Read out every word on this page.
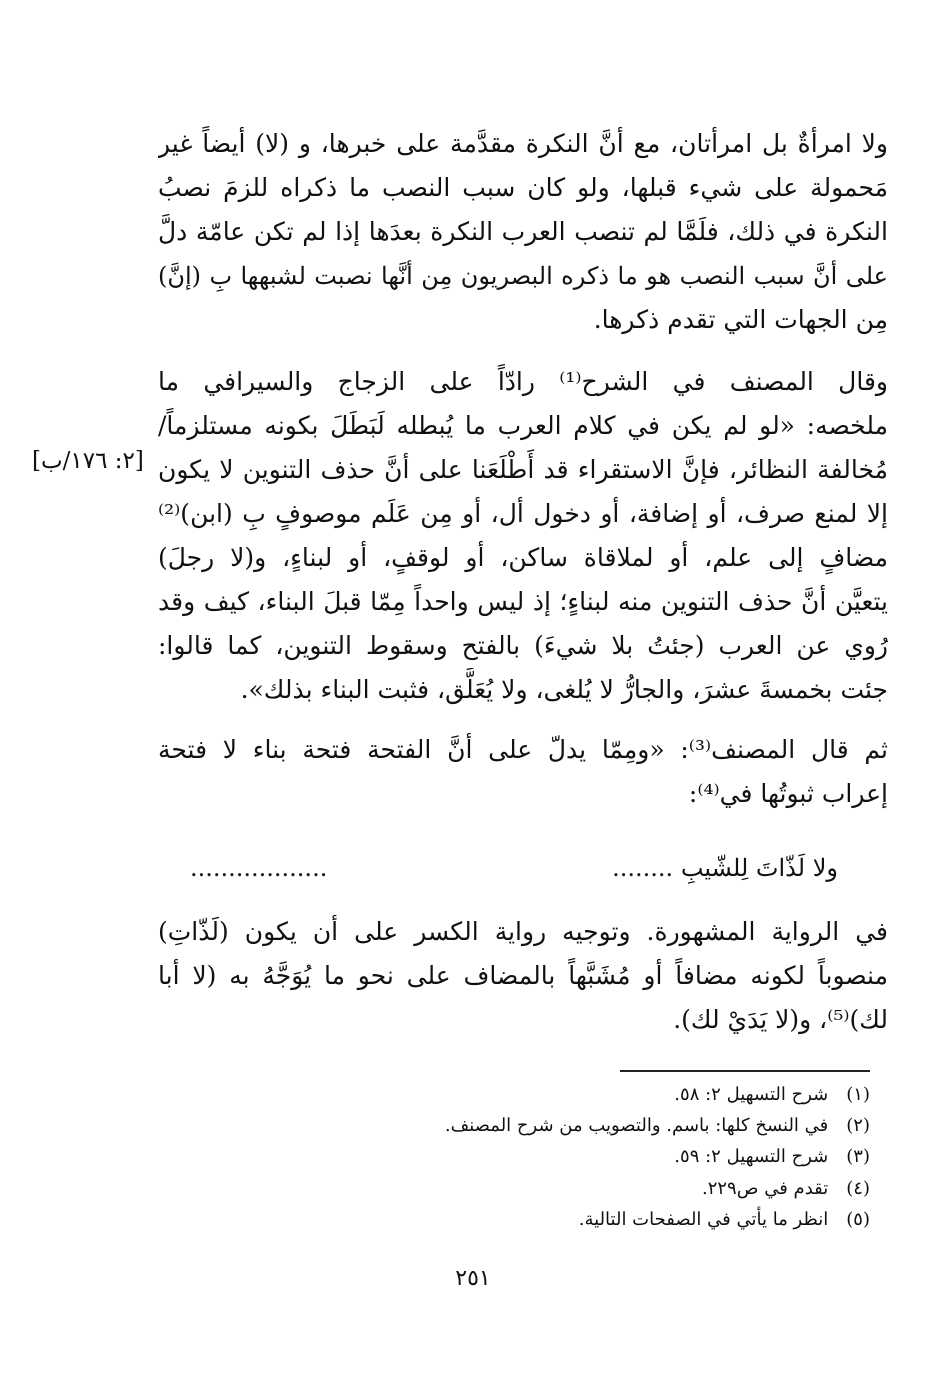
ولا امرأةٌ بل امرأتان، مع أنَّ النكرة مقدَّمة على خبرها، و (لا) أيضاً غير
مَحمولة على شيء قبلها، ولو كان سبب النصب ما ذكراه للزمَ نصبُ
النكرة في ذلك، فلَمَّا لم تنصب العرب النكرة بعدَها إذا لم تكن عامّة دلَّ
على أنَّ سبب النصب هو ما ذكره البصريون مِن أنَّها نصبت لشبهها بِ (إنَّ)
مِن الجهات التي تقدم ذكرها.
وقال المصنف في الشرح⁽¹⁾ رادّاً على الزجاج والسيرافي ما
ملخصه: «لو لم يكن في كلام العرب ما يُبطله لَبَطَلَ بكونه مستلزماً/
مُخالفة النظائر، فإنَّ الاستقراء قد أَطْلَعَنا على أنَّ حذف التنوين لا يكون
إلا لمنع صرف، أو إضافة، أو دخول أل، أو مِن عَلَم موصوفٍ بِ (ابن)⁽²⁾
مضافٍ إلى علم، أو لملاقاة ساكن، أو لوقفٍ، أو لبناءٍ، و(لا رجلَ)
يتعيَّن أنَّ حذف التنوين منه لبناءٍ؛ إذ ليس واحداً مِمّا قبلَ البناء، كيف وقد
رُوي عن العرب (جئتُ بلا شيءَ) بالفتح وسقوط التنوين، كما قالوا:
جئت بخمسةَ عشرَ، والجارُّ لا يُلغى، ولا يُعَلَّق، فثبت البناء بذلك».
[٢: ١٧٦/ب]
ثم قال المصنف⁽³⁾: «ومِمّا يدلّ على أنَّ الفتحة فتحة بناء لا فتحة
إعراب ثبوتُها في⁽⁴⁾:
ولا لَذّاتَ لِلشّيبِ ........
..................
في الرواية المشهورة. وتوجيه رواية الكسر على أن يكون (لَذّاتِ)
منصوباً لكونه مضافاً أو مُشَبَّهاً بالمضاف على نحو ما يُوَجَّهُ به (لا أبا
لك)⁽⁵⁾، و(لا يَدَيْ لك).
(١) شرح التسهيل ٢: ٥٨.
(٢) في النسخ كلها: باسم. والتصويب من شرح المصنف.
(٣) شرح التسهيل ٢: ٥٩.
(٤) تقدم في ص٢٢٩.
(٥) انظر ما يأتي في الصفحات التالية.
٢٥١
